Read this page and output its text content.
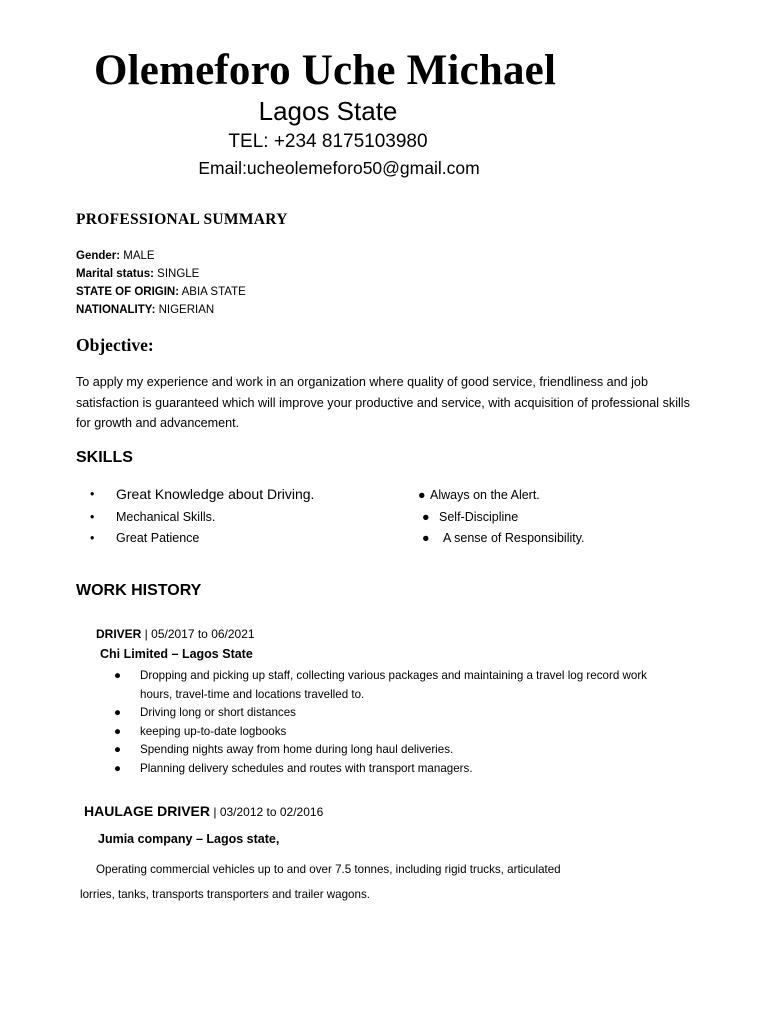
Olemeforo Uche Michael
Lagos State
TEL: +234 8175103980
Email:ucheolemeforo50@gmail.com
PROFESSIONAL SUMMARY
Gender: MALE
Marital status: SINGLE
STATE OF ORIGIN: ABIA STATE
NATIONALITY: NIGERIAN
Objective:
To apply my experience and work in an organization where quality of good service, friendliness and job satisfaction is guaranteed which will improve your productive and service, with acquisition of professional skills for growth and advancement.
SKILLS
• Great Knowledge about Driving.
• Mechanical Skills.
• Great Patience
● Always on the Alert.
● Self-Discipline
● A sense of Responsibility.
WORK HISTORY
DRIVER | 05/2017 to 06/2021
Chi Limited – Lagos State
● Dropping and picking up staff, collecting various packages and maintaining a travel log record work hours, travel-time and locations travelled to.
● Driving long or short distances
● keeping up-to-date logbooks
● Spending nights away from home during long haul deliveries.
● Planning delivery schedules and routes with transport managers.
HAULAGE DRIVER | 03/2012 to 02/2016
Jumia company – Lagos state,
Operating commercial vehicles up to and over 7.5 tonnes, including rigid trucks, articulated
lorries, tanks, transports transporters and trailer wagons.
